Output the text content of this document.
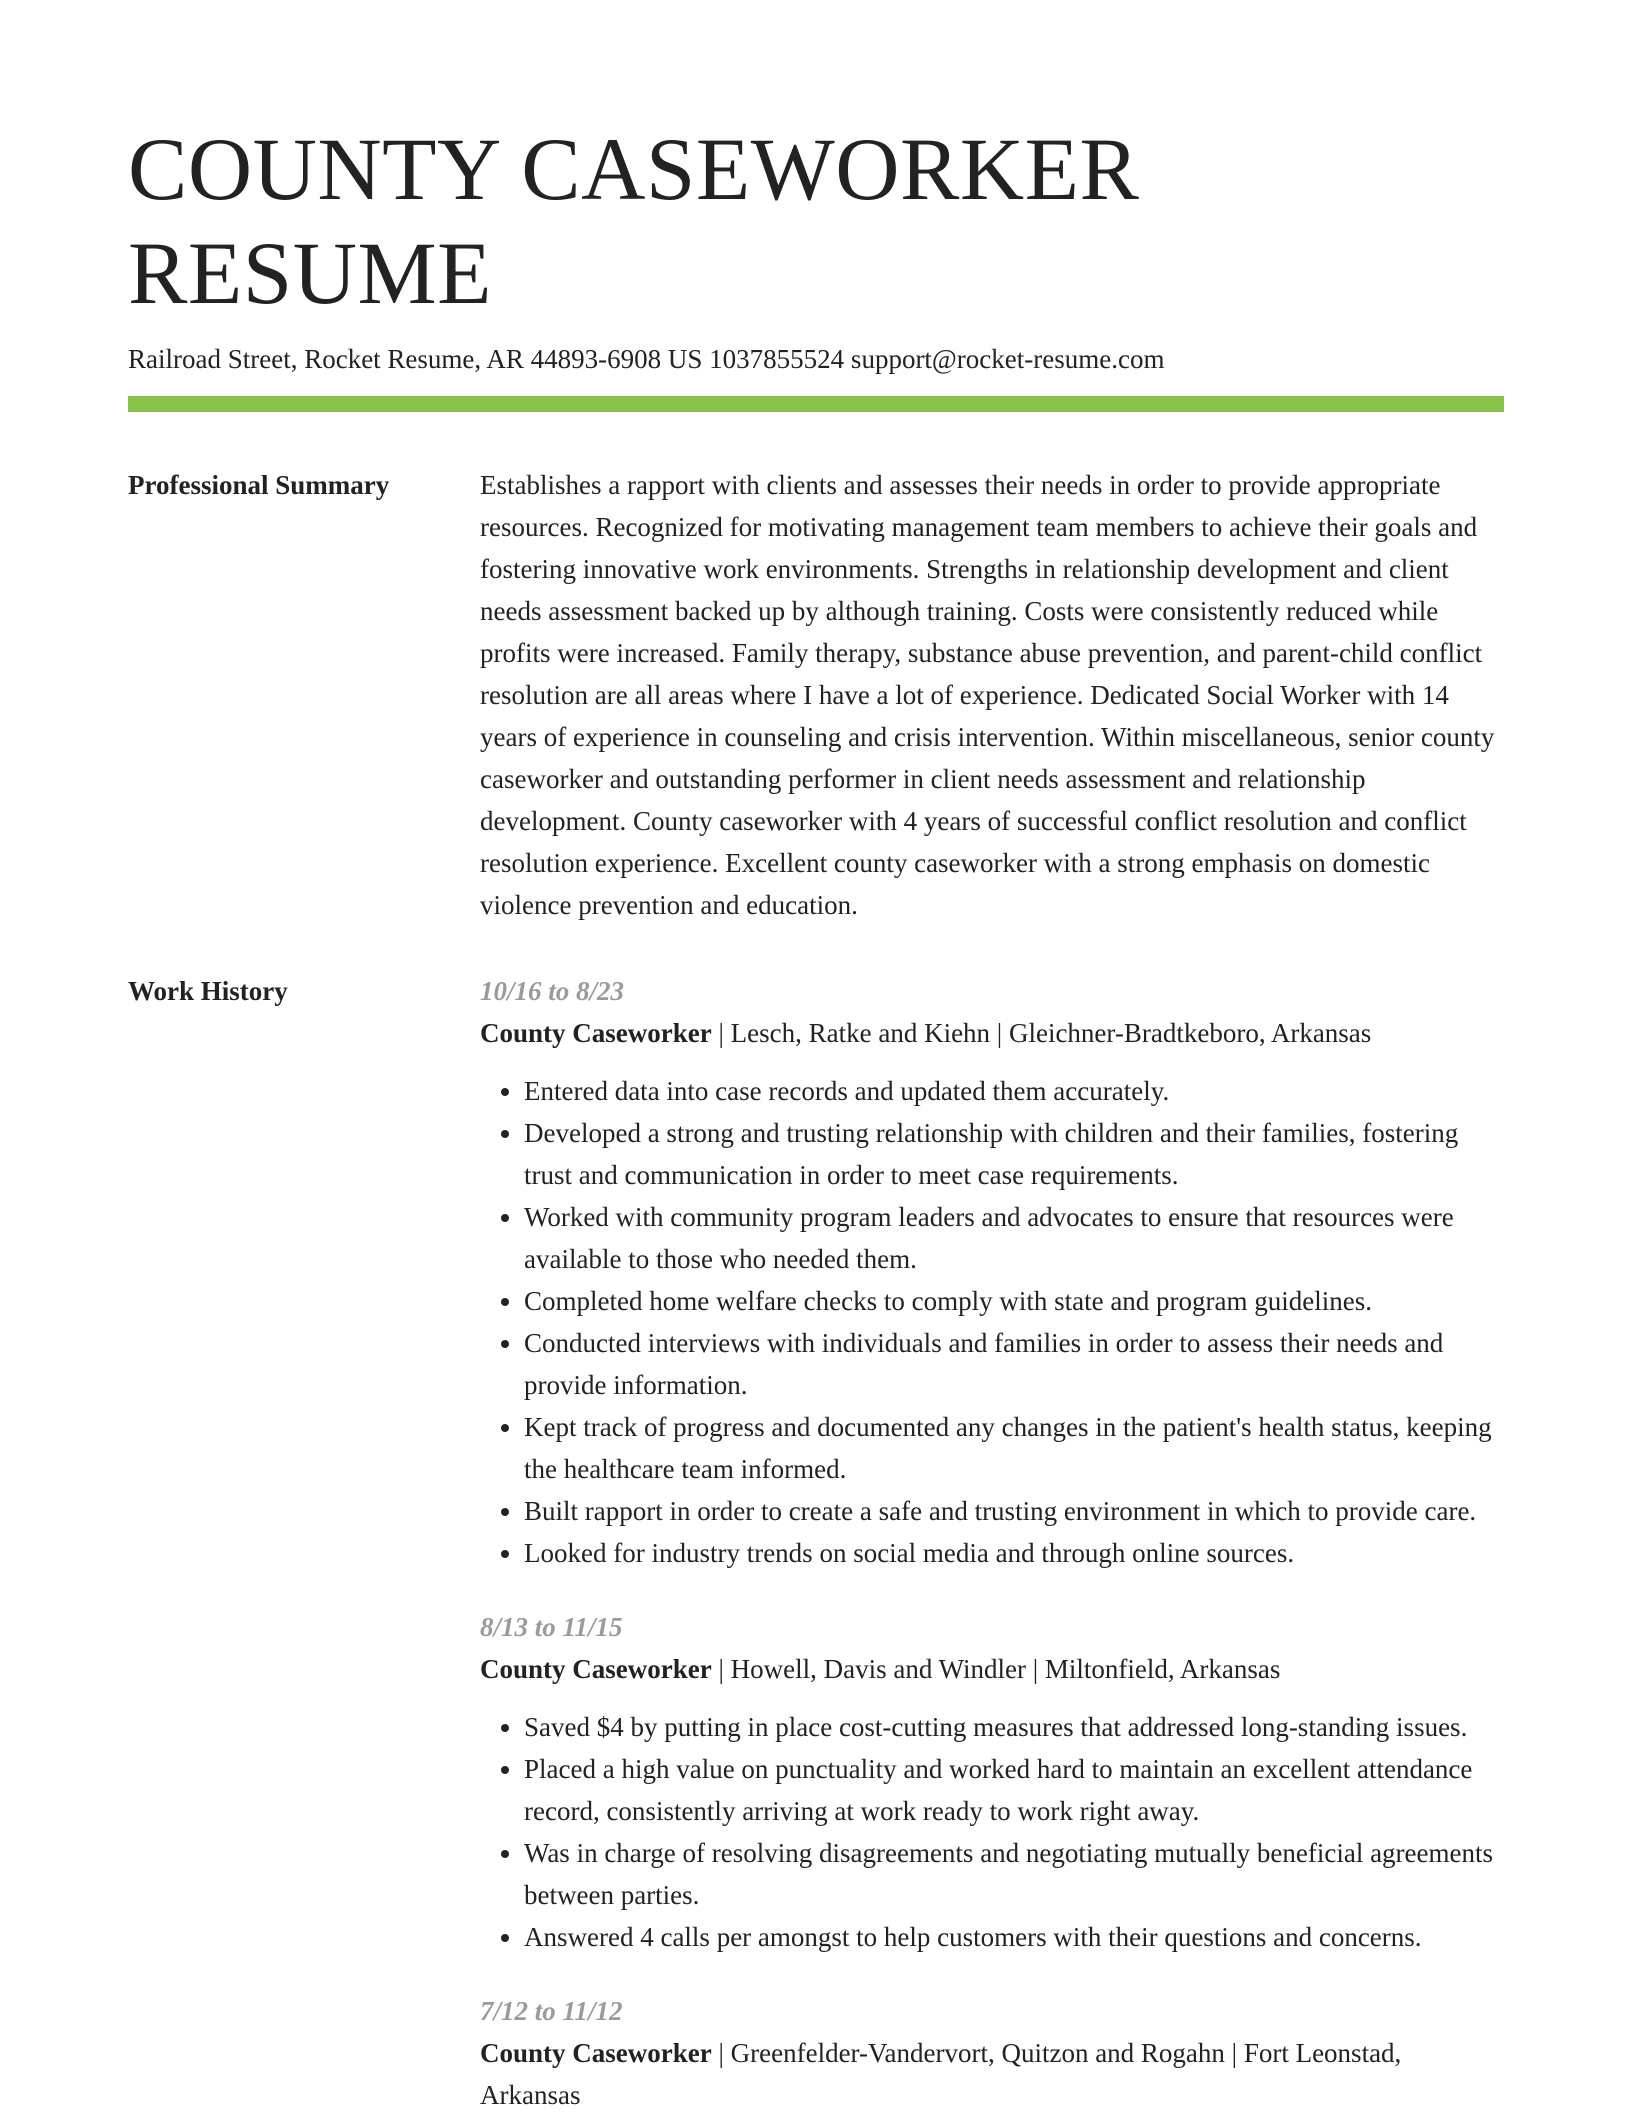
COUNTY CASEWORKER RESUME
Railroad Street, Rocket Resume, AR 44893-6908 US 1037855524 support@rocket-resume.com
Professional Summary	Establishes a rapport with clients and assesses their needs in order to provide appropriate resources. Recognized for motivating management team members to achieve their goals and fostering innovative work environments. Strengths in relationship development and client needs assessment backed up by although training. Costs were consistently reduced while profits were increased. Family therapy, substance abuse prevention, and parent-child conflict resolution are all areas where I have a lot of experience. Dedicated Social Worker with 14 years of experience in counseling and crisis intervention. Within miscellaneous, senior county caseworker and outstanding performer in client needs assessment and relationship development. County caseworker with 4 years of successful conflict resolution and conflict resolution experience. Excellent county caseworker with a strong emphasis on domestic violence prevention and education.
Work History	10/16 to 8/23
County Caseworker | Lesch, Ratke and Kiehn | Gleichner-Bradtkeboro, Arkansas
• Entered data into case records and updated them accurately.
• Developed a strong and trusting relationship with children and their families, fostering trust and communication in order to meet case requirements.
• Worked with community program leaders and advocates to ensure that resources were available to those who needed them.
• Completed home welfare checks to comply with state and program guidelines.
• Conducted interviews with individuals and families in order to assess their needs and provide information.
• Kept track of progress and documented any changes in the patient's health status, keeping the healthcare team informed.
• Built rapport in order to create a safe and trusting environment in which to provide care.
• Looked for industry trends on social media and through online sources.
8/13 to 11/15
County Caseworker | Howell, Davis and Windler | Miltonfield, Arkansas
• Saved $4 by putting in place cost-cutting measures that addressed long-standing issues.
• Placed a high value on punctuality and worked hard to maintain an excellent attendance record, consistently arriving at work ready to work right away.
• Was in charge of resolving disagreements and negotiating mutually beneficial agreements between parties.
• Answered 4 calls per amongst to help customers with their questions and concerns.
7/12 to 11/12
County Caseworker | Greenfelder-Vandervort, Quitzon and Rogahn | Fort Leonstad, Arkansas
